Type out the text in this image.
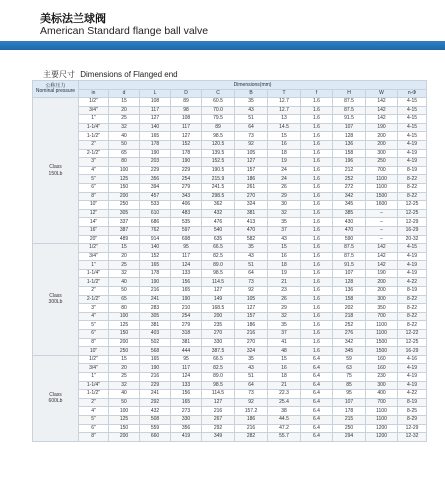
美标法兰球阀
American Standard flange ball valve
主要尺寸 Dimensions of Flanged end
公称压力
Nominal pressure	Dimensions(mm)										
	in	d	L	D	C	B	T	f	H	W	n-Φ

Class
150Lb	1/2"	15	108	89	60.5	35	12.7	1.6	87.5	142	4-15
	3/4"	20	117	98	70.0	43	12.7	1.6	87.5	142	4-15
	1"	25	127	108	79.5	51	13	1.6	91.5	142	4-15
	1-1/4"	32	140	117	89	64	14.5	1.6	107	190	4-15
	1-1/2"	40	165	127	98.5	73	15	1.6	128	200	4-15
	2"	50	178	152	120.5	92	16	1.6	136	200	4-19
	2-1/2"	65	190	178	139.5	105	18	1.6	158	300	4-19
	3"	80	203	190	152.5	127	19	1.6	196	250	4-19
	4"	100	229	229	190.5	157	24	1.6	212	700	8-19
	5"	125	356	254	215.9	186	24	1.6	252	1100	8-22
	6"	150	394	279	241.5	261	26	1.6	272	1100	8-22
	8"	200	457	343	298.5	270	29	1.6	342	1500	8-22
	10"	250	533	406	362	324	30	1.6	345	1600	12-25
	12"	305	610	483	432	381	32	1.6	385	–	12-25
	14"	337	686	535	476	413	35	1.6	430	–	12-29
	16"	387	762	597	540	470	37	1.6	470	–	16-29
	20"	489	914	698	635	582	43	1.6	590	–	20-32

Class
300Lb	1/2"	15	140	95	66.5	35	15	1.6	87.5	142	4-15
	3/4"	20	152	117	82.5	43	16	1.6	87.5	142	4-19
	1"	25	165	124	89.0	51	18	1.6	91.5	142	4-19
	1-1/4"	32	178	133	98.5	64	19	1.6	107	190	4-19
	1-1/2"	40	190	156	114.5	73	21	1.6	128	200	4-22
	2"	50	216	165	127	92	23	1.6	136	200	8-19
	2-1/2"	65	241	190	149	105	26	1.6	158	300	8-22
	3"	80	283	210	168.5	127	29	1.6	202	350	8-22
	4"	100	305	254	200	157	32	1.6	218	700	8-22
	5"	125	381	279	235	186	35	1.6	252	1100	8-22
	6"	150	403	318	270	216	37	1.6	276	1100	12-22
	8"	200	502	381	330	270	41	1.6	342	1500	12-25
	10"	250	568	444	387.5	324	48	1.6	345	1500	16-29

Class
600Lb	1/2"	15	165	95	66.5	35	15	6.4	59	160	4-16
	3/4"	20	190	117	82.5	43	16	6.4	63	160	4-19
	1"	25	216	124	89.0	51	18	6.4	75	230	4-19
	1-1/4"	32	229	133	98.5	64	21	6.4	85	300	4-19
	1-1/2"	40	241	156	114.5	73	22.3	6.4	95	400	4-22
	2"	50	292	165	127	92	25.4	6.4	107	700	8-19
	4"	100	432	273	216	157.2	38	6.4	178	1100	8-25
	5"	125	508	330	267	186	44.5	6.4	215	1100	8-29
	6"	150	559	356	292	216	47.2	6.4	250	1200	12-29
	8"	200	660	419	349	282	55.7	6.4	294	1200	12-32
